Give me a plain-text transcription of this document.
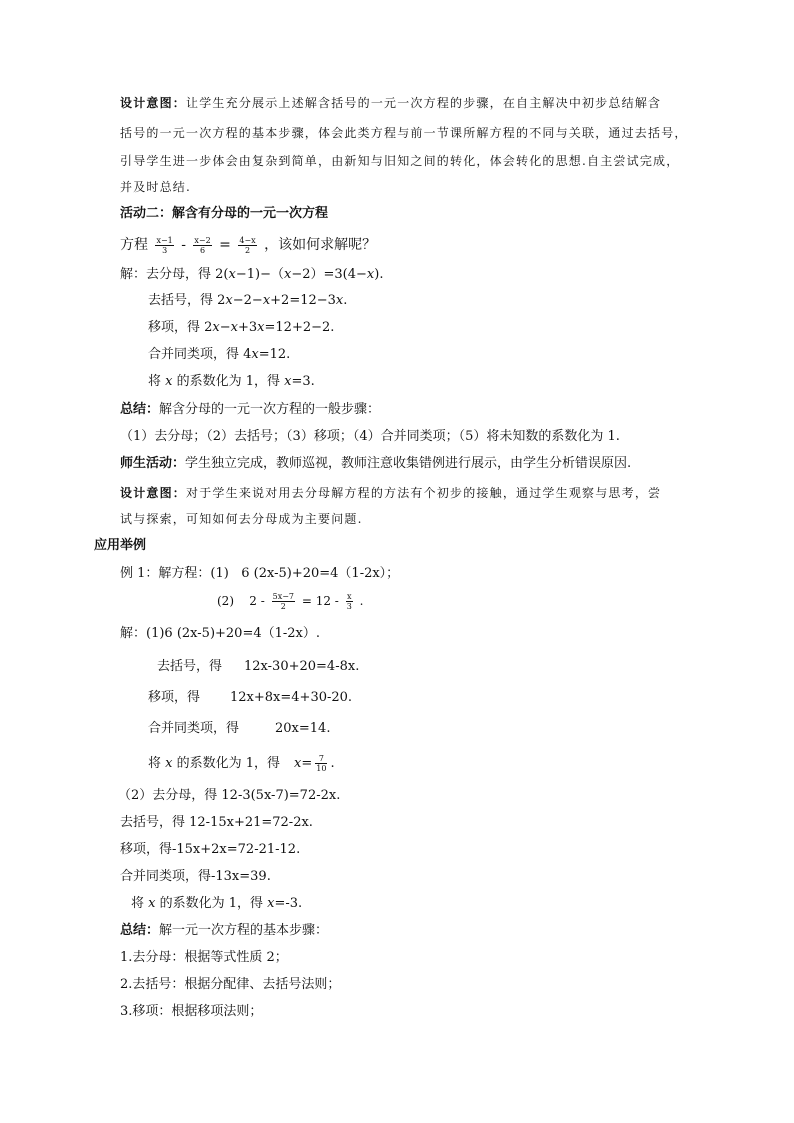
设计意图：让学生充分展示上述解含括号的一元一次方程的步骤，在自主解决中初步总结解含
括号的一元一次方程的基本步骤，体会此类方程与前一节课所解方程的不同与关联，通过去括号，
引导学生进一步体会由复杂到简单，由新知与旧知之间的转化，体会转化的思想.自主尝试完成，
并及时总结.
活动二：解含有分母的一元一次方程
方程 $\frac{x-1}{3} - \frac{x-2}{6} = \frac{4-x}{2}$ ，该如何求解呢？
解：去分母，得 2(x−1)−（x−2）=3(4−x).
去括号，得 2x−2−x+2=12−3x.
移项，得 2x−x+3x=12+2−2.
合并同类项，得 4x=12.
将 x 的系数化为 1，得 x=3.
总结：解含分母的一元一次方程的一般步骤：
（1）去分母；（2）去括号；（3）移项；（4）合并同类项；（5）将未知数的系数化为 1.
师生活动：学生独立完成，教师巡视，教师注意收集错例进行展示，由学生分析错误原因.
设计意图：对于学生来说对用去分母解方程的方法有个初步的接触，通过学生观察与思考，尝
试与探索，可知如何去分母成为主要问题.
应用举例
例 1：解方程：(1) 6 (2x-5)+20=4（1-2x）；
(2) $2 - \frac{5x-7}{2} = 12 - \frac{x}{3}$ .
解：(1)6 (2x-5)+20=4（1-2x）.
去括号，得 12x-30+20=4-8x.
移项，得 12x+8x=4+30-20.
合并同类项，得	20x=14.
将 x 的系数化为 1，得 $x= \frac{7}{10}$ .
（2）去分母，得 12-3(5x-7)=72-2x.
去括号，得 12-15x+21=72-2x.
移项，得-15x+2x=72-21-12.
合并同类项，得-13x=39.
将 x 的系数化为 1，得 x=-3.
总结：解一元一次方程的基本步骤：
1.去分母：根据等式性质 2；
2.去括号：根据分配律、去括号法则；
3.移项：根据移项法则；
